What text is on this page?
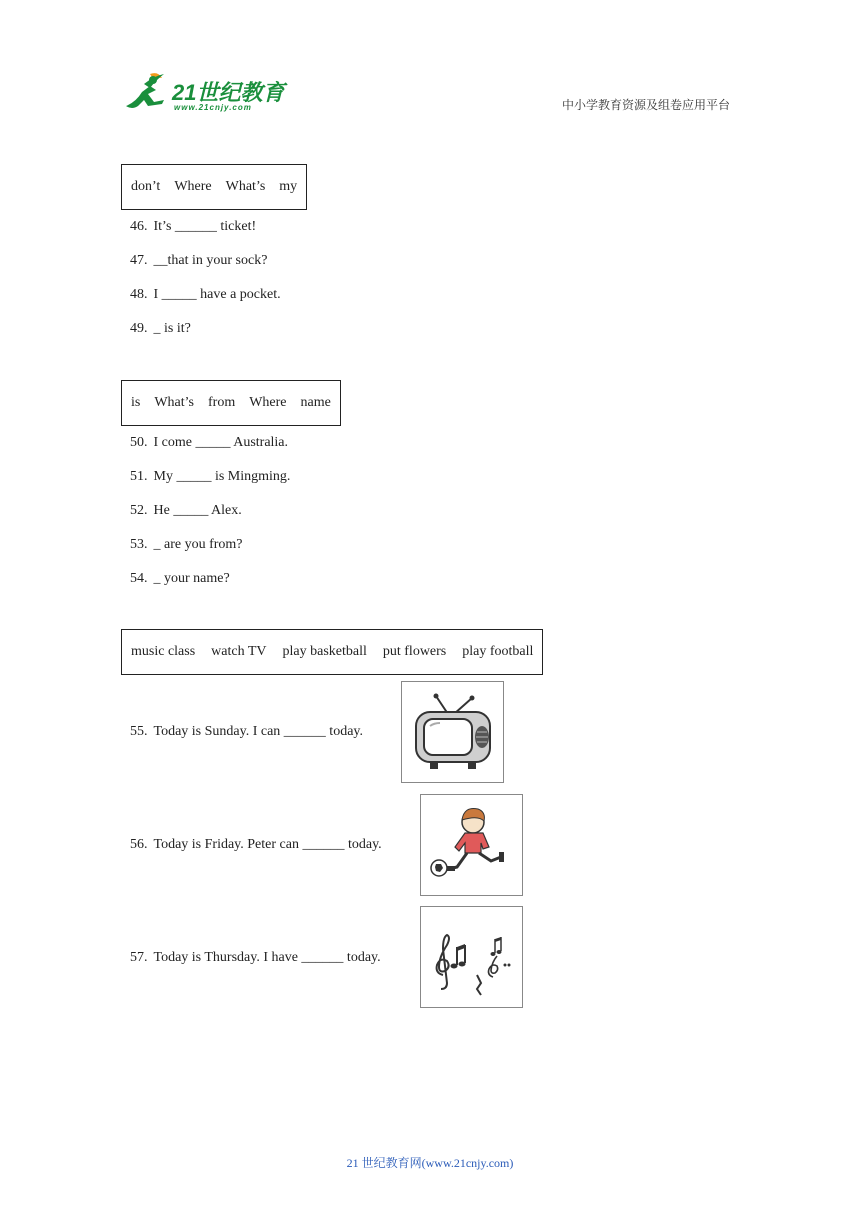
21世纪教育
www.21cnjy.com	中小学教育资源及组卷应用平台
don’t Where What’s my
46. It’s ______ ticket!
47. __that in your sock?
48. I _____ have a pocket.
49. _ is it?
is What’s from Where name
50. I come _____ Australia.
51. My _____ is Mingming.
52. He _____ Alex.
53. _ are you from?
54. _ your name?
music class watch TV play basketball put flowers play football
55. Today is Sunday. I can ______ today.
56. Today is Friday. Peter can ______ today.
57. Today is Thursday. I have ______ today.
21 世纪教育网(www.21cnjy.com)
